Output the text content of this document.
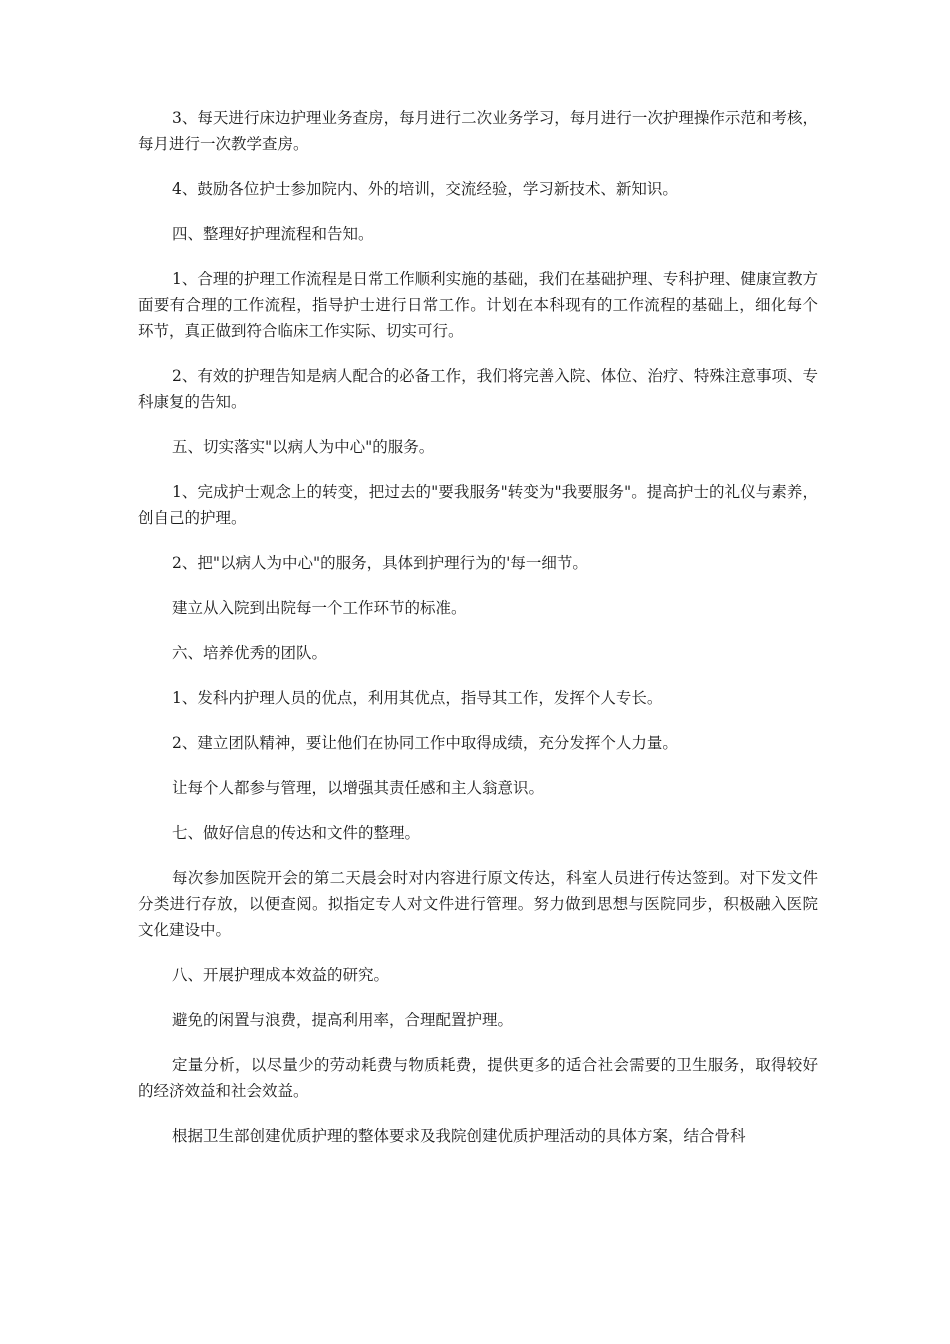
3、每天进行床边护理业务查房，每月进行二次业务学习，每月进行一次护理操作示范和考核，每月进行一次教学查房。

4、鼓励各位护士参加院内、外的培训，交流经验，学习新技术、新知识。

四、整理好护理流程和告知。

1、合理的护理工作流程是日常工作顺利实施的基础，我们在基础护理、专科护理、健康宣教方面要有合理的工作流程，指导护士进行日常工作。计划在本科现有的工作流程的基础上，细化每个环节，真正做到符合临床工作实际、切实可行。

2、有效的护理告知是病人配合的必备工作，我们将完善入院、体位、治疗、特殊注意事项、专科康复的告知。

五、切实落实"以病人为中心"的服务。

1、完成护士观念上的转变，把过去的"要我服务"转变为"我要服务"。提高护士的礼仪与素养，创自己的护理。

2、把"以病人为中心"的服务，具体到护理行为的'每一细节。

建立从入院到出院每一个工作环节的标准。

六、培养优秀的团队。

1、发科内护理人员的优点，利用其优点，指导其工作，发挥个人专长。

2、建立团队精神，要让他们在协同工作中取得成绩，充分发挥个人力量。

让每个人都参与管理，以增强其责任感和主人翁意识。

七、做好信息的传达和文件的整理。

每次参加医院开会的第二天晨会时对内容进行原文传达，科室人员进行传达签到。对下发文件分类进行存放，以便查阅。拟指定专人对文件进行管理。努力做到思想与医院同步，积极融入医院文化建设中。

八、开展护理成本效益的研究。

避免的闲置与浪费，提高利用率，合理配置护理。

定量分析，以尽量少的劳动耗费与物质耗费，提供更多的适合社会需要的卫生服务，取得较好的经济效益和社会效益。

根据卫生部创建优质护理的整体要求及我院创建优质护理活动的具体方案，结合骨科
